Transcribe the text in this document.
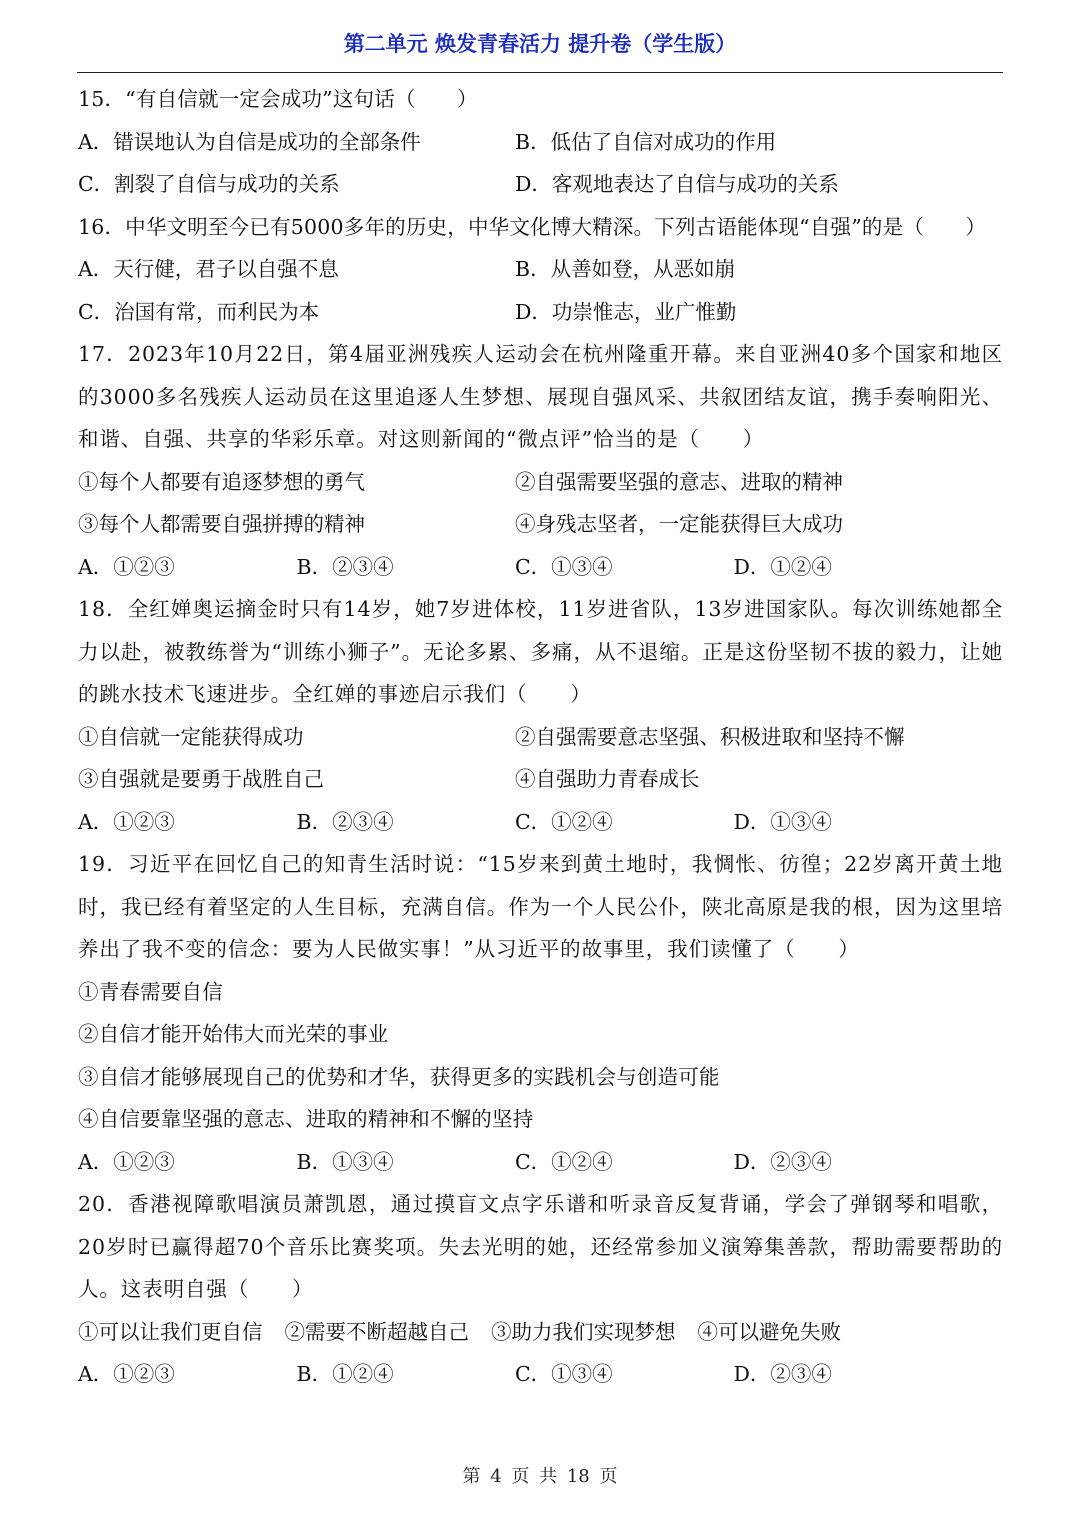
第二单元 焕发青春活力 提升卷（学生版）
15．“有自信就一定会成功”这句话（　　）
A．错误地认为自信是成功的全部条件	B．低估了自信对成功的作用
C．割裂了自信与成功的关系	D．客观地表达了自信与成功的关系
16．中华文明至今已有5000多年的历史，中华文化博大精深。下列古语能体现“自强”的是（　　）
A．天行健，君子以自强不息	B．从善如登，从恶如崩
C．治国有常，而利民为本	D．功崇惟志，业广惟勤
17．2023年10月22日，第4届亚洲残疾人运动会在杭州隆重开幕。来自亚洲40多个国家和地区的3000多名残疾人运动员在这里追逐人生梦想、展现自强风采、共叙团结友谊，携手奏响阳光、和谐、自强、共享的华彩乐章。对这则新闻的“微点评”恰当的是（　　）
①每个人都要有追逐梦想的勇气	②自强需要坚强的意志、进取的精神
③每个人都需要自强拼搏的精神	④身残志坚者，一定能获得巨大成功
A．①②③	B．②③④	C．①③④	D．①②④
18．全红婵奥运摘金时只有14岁，她7岁进体校，11岁进省队，13岁进国家队。每次训练她都全力以赴，被教练誉为“训练小狮子”。无论多累、多痛，从不退缩。正是这份坚韧不拔的毅力，让她的跳水技术飞速进步。全红婵的事迹启示我们（　　）
①自信就一定能获得成功	②自强需要意志坚强、积极进取和坚持不懈
③自强就是要勇于战胜自己	④自强助力青春成长
A．①②③	B．②③④	C．①②④	D．①③④
19．习近平在回忆自己的知青生活时说：“15岁来到黄土地时，我惆怅、彷徨；22岁离开黄土地时，我已经有着坚定的人生目标，充满自信。作为一个人民公仆，陕北高原是我的根，因为这里培养出了我不变的信念：要为人民做实事！”从习近平的故事里，我们读懂了（　　）
①青春需要自信
②自信才能开始伟大而光荣的事业
③自信才能够展现自己的优势和才华，获得更多的实践机会与创造可能
④自信要靠坚强的意志、进取的精神和不懈的坚持
A．①②③	B．①③④	C．①②④	D．②③④
20．香港视障歌唱演员萧凯恩，通过摸盲文点字乐谱和听录音反复背诵，学会了弹钢琴和唱歌，20岁时已赢得超70个音乐比赛奖项。失去光明的她，还经常参加义演筹集善款，帮助需要帮助的人。这表明自强（　　）
①可以让我们更自信 ②需要不断超越自己 ③助力我们实现梦想 ④可以避免失败
A．①②③	B．①②④	C．①③④	D．②③④
第 4 页 共 18 页
